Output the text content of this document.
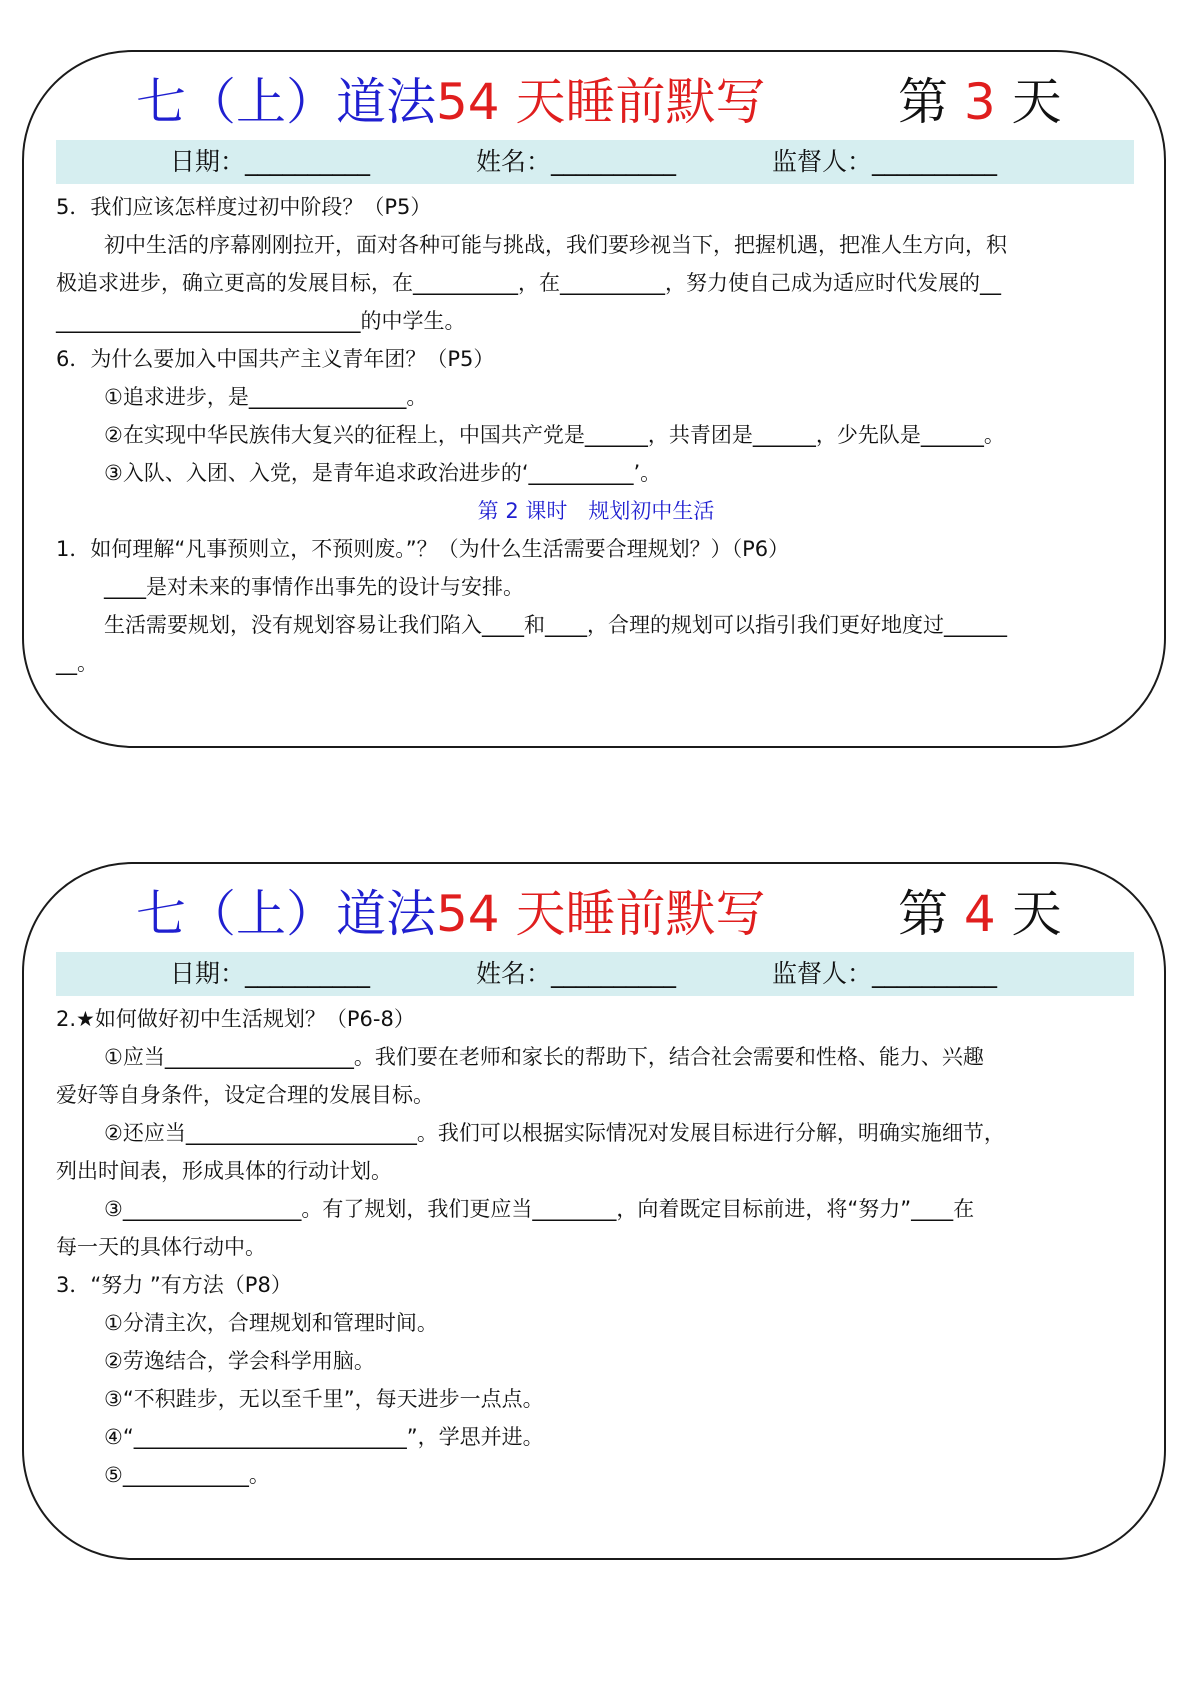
七（上）道法54 天睡前默写	第 3 天
日期：__________	姓名：__________	监督人：__________
5．我们应该怎样度过初中阶段？（P5）
初中生活的序幕刚刚拉开，面对各种可能与挑战，我们要珍视当下，把握机遇，把准人生方向，积
极追求进步，确立更高的发展目标，在__________，在__________，努力使自己成为适应时代发展的__
_____________________________的中学生。
6．为什么要加入中国共产主义青年团？（P5）
①追求进步，是_______________。
②在实现中华民族伟大复兴的征程上，中国共产党是______，共青团是______，少先队是______。
③入队、入团、入党，是青年追求政治进步的‘__________’。
第 2 课时　规划初中生活
1．如何理解“凡事预则立，不预则废。”？（为什么生活需要合理规划？）（P6）
____是对未来的事情作出事先的设计与安排。
生活需要规划，没有规划容易让我们陷入____和____，合理的规划可以指引我们更好地度过______
__。
七（上）道法54 天睡前默写	第 4 天
日期：__________	姓名：__________	监督人：__________
2.★如何做好初中生活规划？（P6-8）
①应当__________________。我们要在老师和家长的帮助下，结合社会需要和性格、能力、兴趣
爱好等自身条件，设定合理的发展目标。
②还应当______________________。我们可以根据实际情况对发展目标进行分解，明确实施细节，
列出时间表，形成具体的行动计划。
③_________________。有了规划，我们更应当________，向着既定目标前进，将“努力”____在
每一天的具体行动中。
3．“努力 ”有方法（P8）
①分清主次，合理规划和管理时间。
②劳逸结合，学会科学用脑。
③“不积跬步，无以至千里”，每天进步一点点。
④“__________________________”，学思并进。
⑤____________。
